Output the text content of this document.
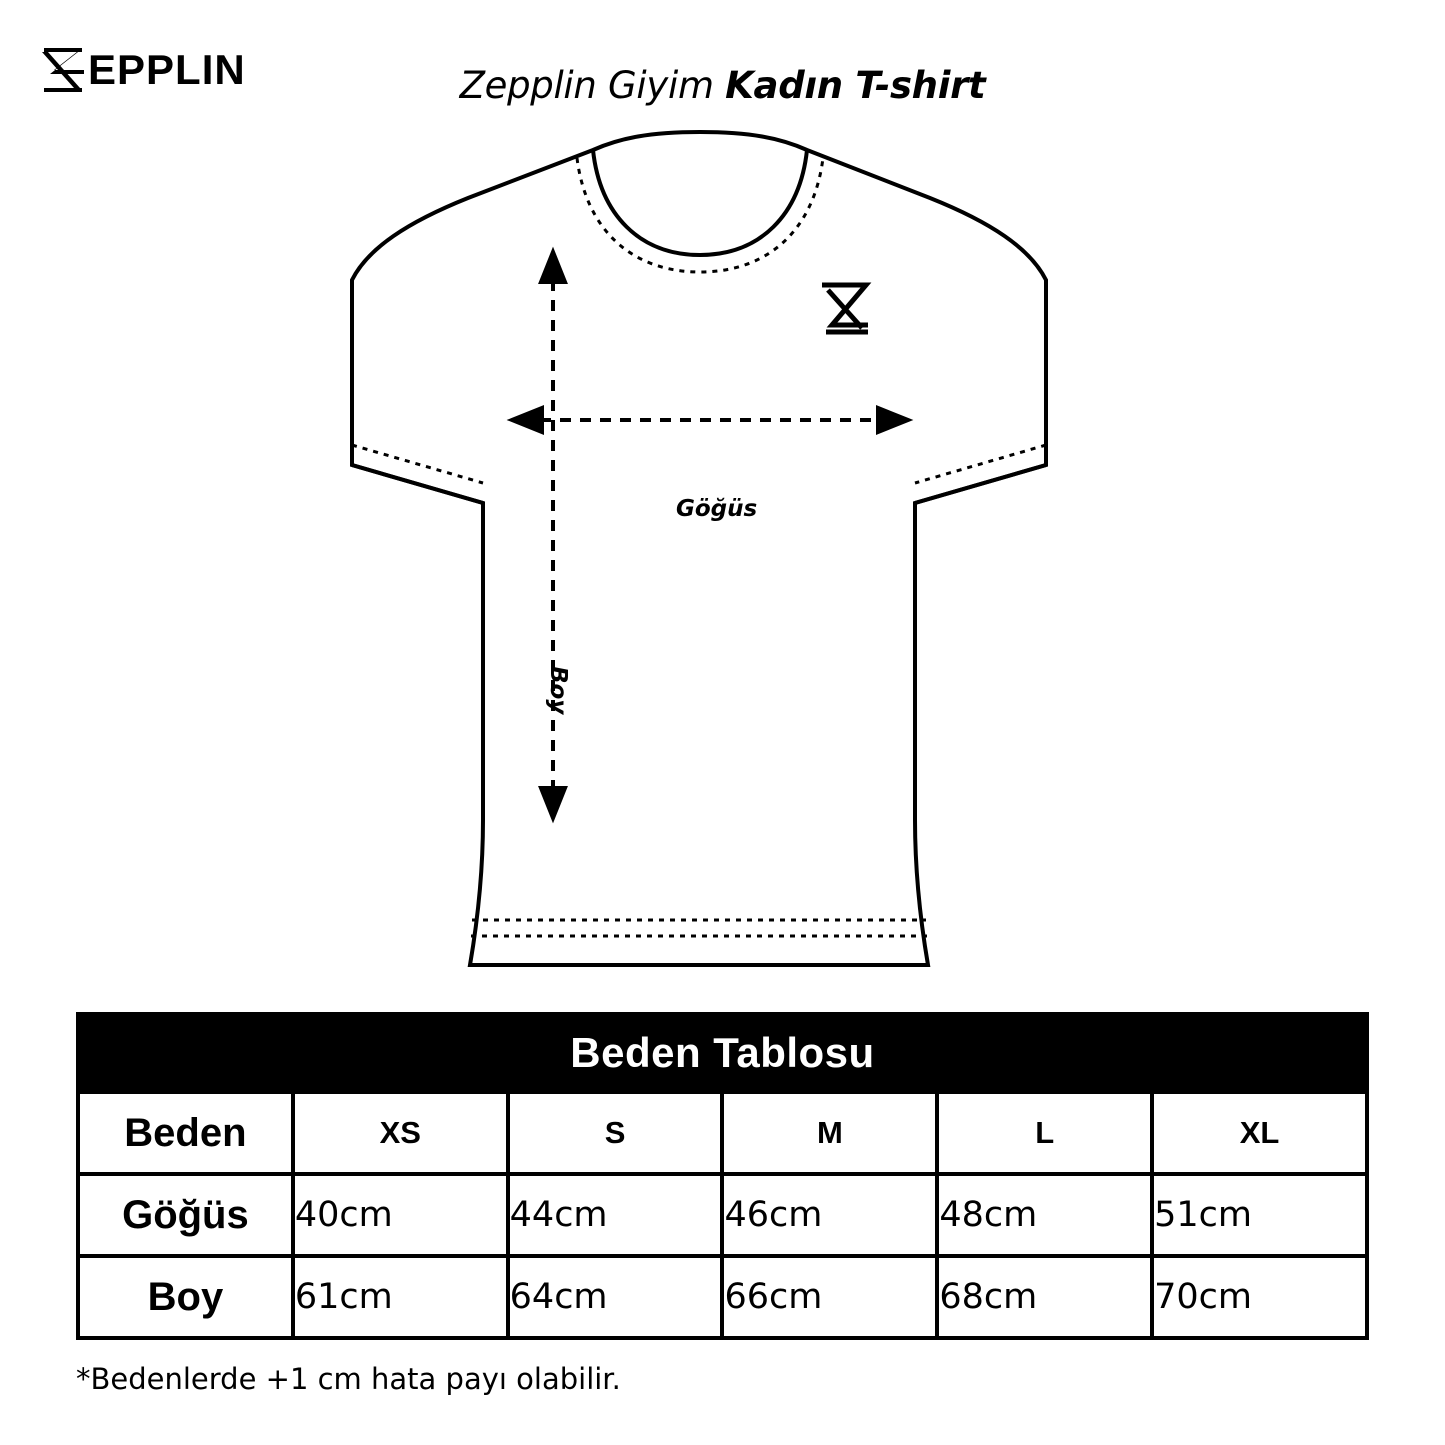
EPPLIN	Zepplin Giyim Kadın T-shirt
Göğüs
Boy
Beden Tablosu					
Beden	XS	S	M	L	XL
Göğüs	40cm	44cm	46cm	48cm	51cm
Boy	61cm	64cm	66cm	68cm	70cm
*Bedenlerde +1 cm hata payı olabilir.
